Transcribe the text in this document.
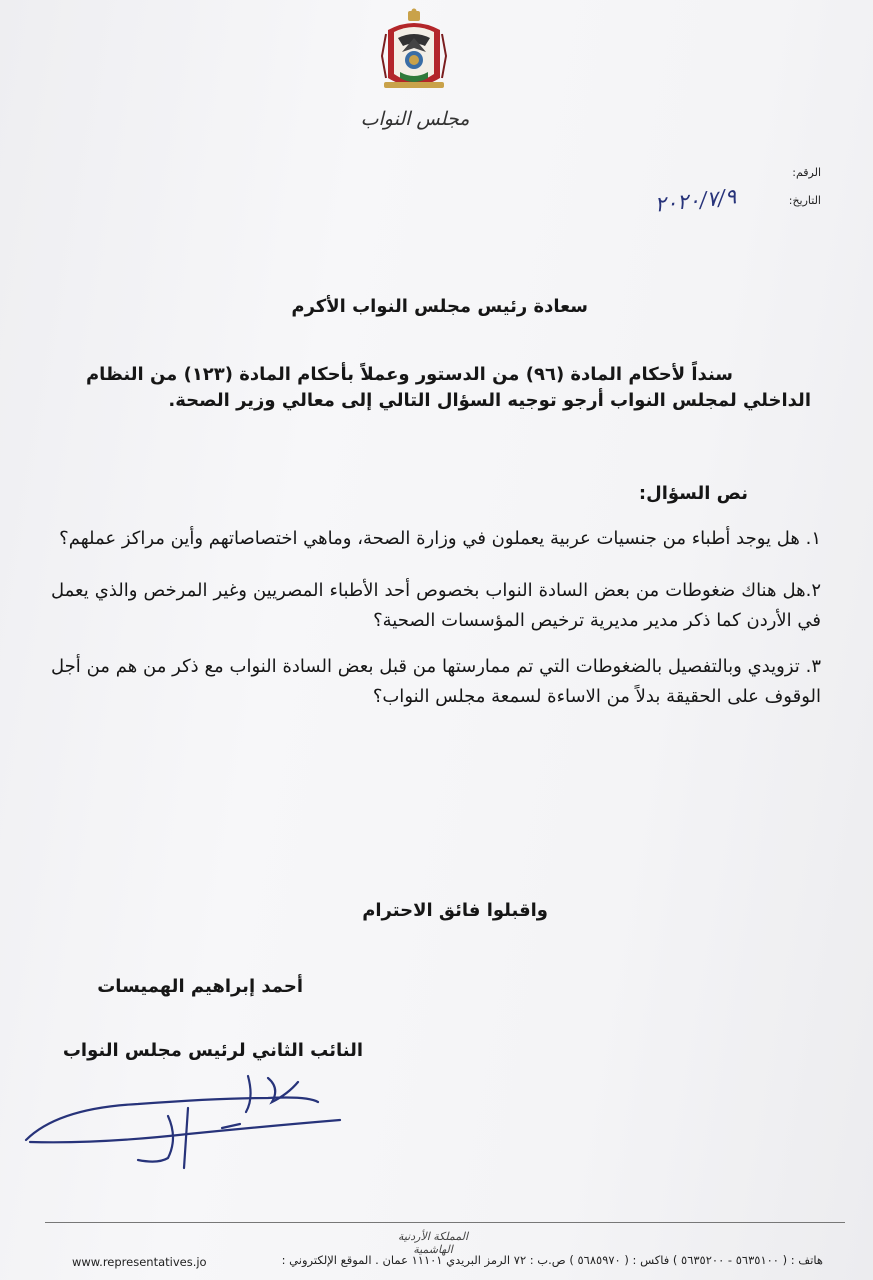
مجلس النواب
الرقم:
التاريخ:
٢٠٢٠/٧/٩
سعادة رئيس مجلس النواب الأكرم

سنداً لأحكام المادة (٩٦) من الدستور وعملاً بأحكام المادة (١٢٣) من النظام

الداخلي لمجلس النواب أرجو توجيه السؤال التالي إلى معالي وزير الصحة.

نص السؤال:

١. هل يوجد أطباء من جنسيات عربية يعملون في وزارة الصحة، وماهي اختصاصاتهم وأين مراكز عملهم؟

٢.هل هناك ضغوطات من بعض السادة النواب بخصوص أحد الأطباء المصريين وغير المرخص والذي يعمل في الأردن كما ذكر مدير مديرية ترخيص المؤسسات الصحية؟

٣. تزويدي وبالتفصيل بالضغوطات التي تم ممارستها من قبل بعض السادة النواب مع ذكر من هم من أجل الوقوف على الحقيقة بدلاً من الاساءة لسمعة مجلس النواب؟

واقبلوا فائق الاحترام
أحمد إبراهيم الهميسات
النائب الثاني لرئيس مجلس النواب
المملكة الأردنية الهاشمية
هاتف : ( ٥٦٣٥١٠٠ - ٥٦٣٥٢٠٠ ) فاكس : ( ٥٦٨٥٩٧٠ ) ص.ب : ٧٢ الرمز البريدي ١١١٠١ عمان . الموقع الإلكتروني :
www.representatives.jo
